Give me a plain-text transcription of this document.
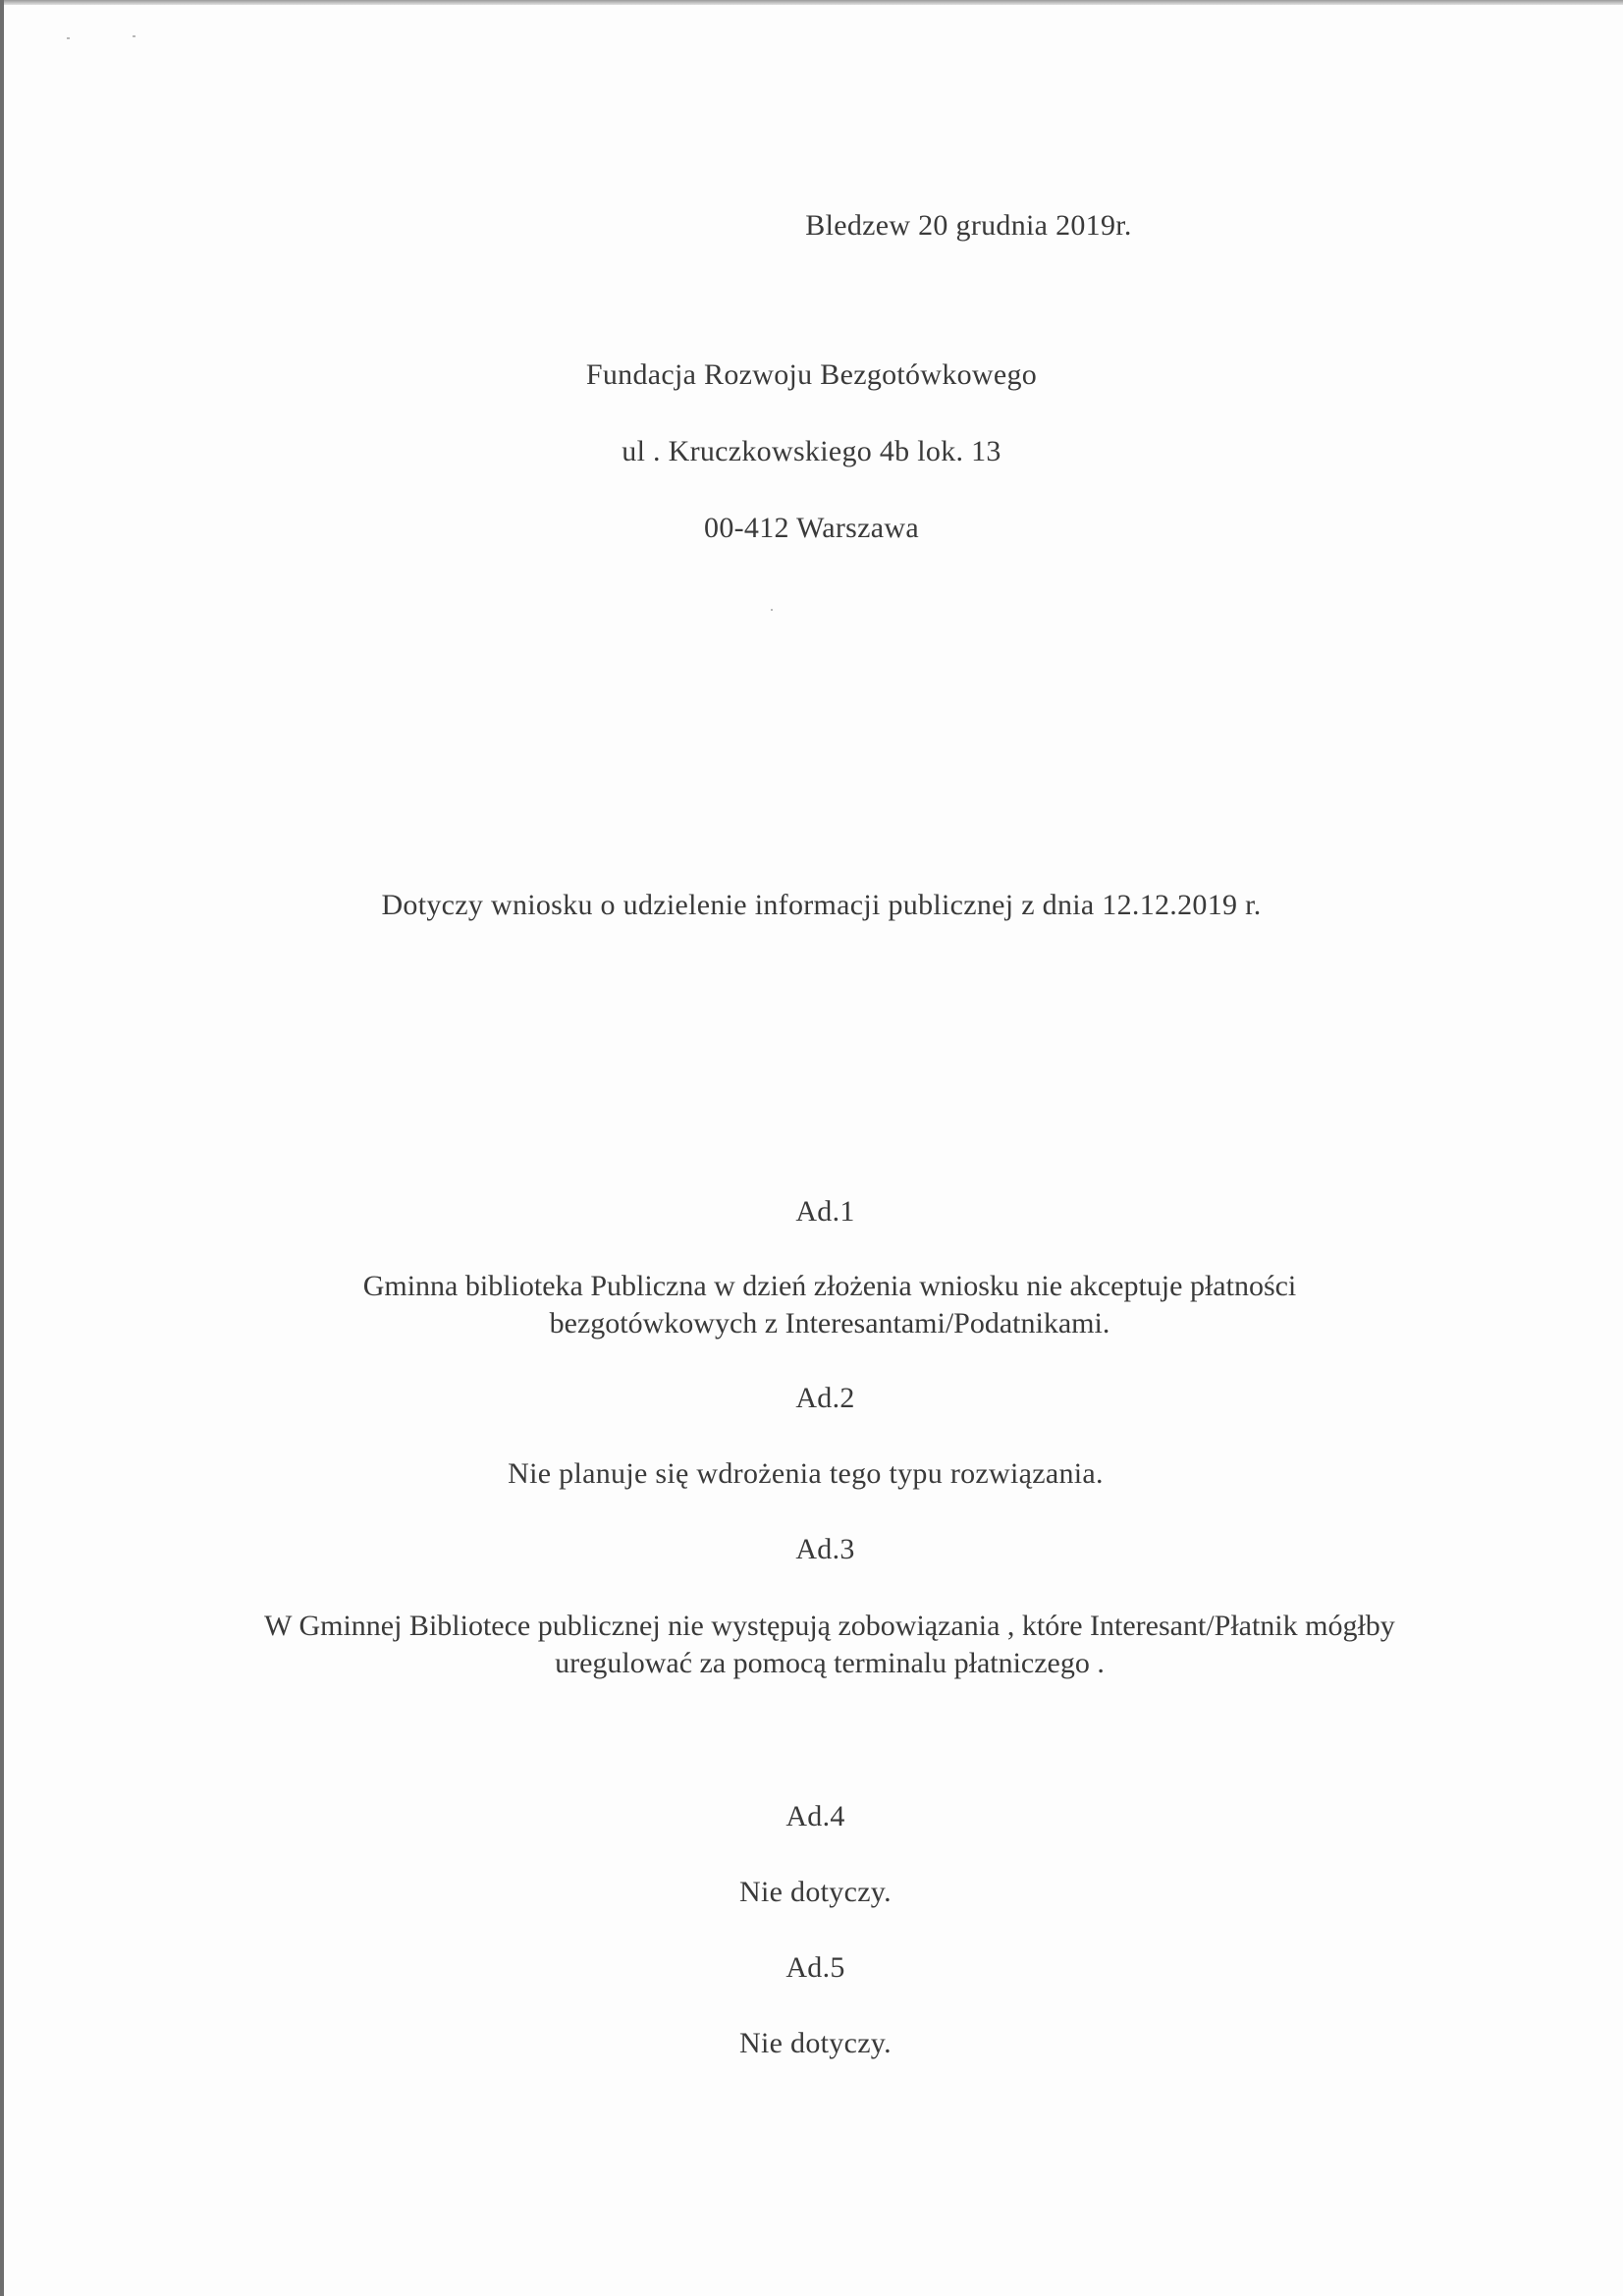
Bledzew 20 grudnia 2019r.
Fundacja Rozwoju Bezgotówkowego
ul . Kruczkowskiego 4b lok. 13
00-412 Warszawa
Dotyczy wniosku o udzielenie informacji publicznej z dnia 12.12.2019 r.
Ad.1
Gminna biblioteka Publiczna w dzień złożenia wniosku nie akceptuje płatności bezgotówkowych z Interesantami/Podatnikami.
Ad.2
Nie planuje się wdrożenia tego typu rozwiązania.
Ad.3
W Gminnej Bibliotece publicznej nie występują zobowiązania , które Interesant/Płatnik mógłby uregulować za pomocą terminalu płatniczego .
Ad.4
Nie dotyczy.
Ad.5
Nie dotyczy.
